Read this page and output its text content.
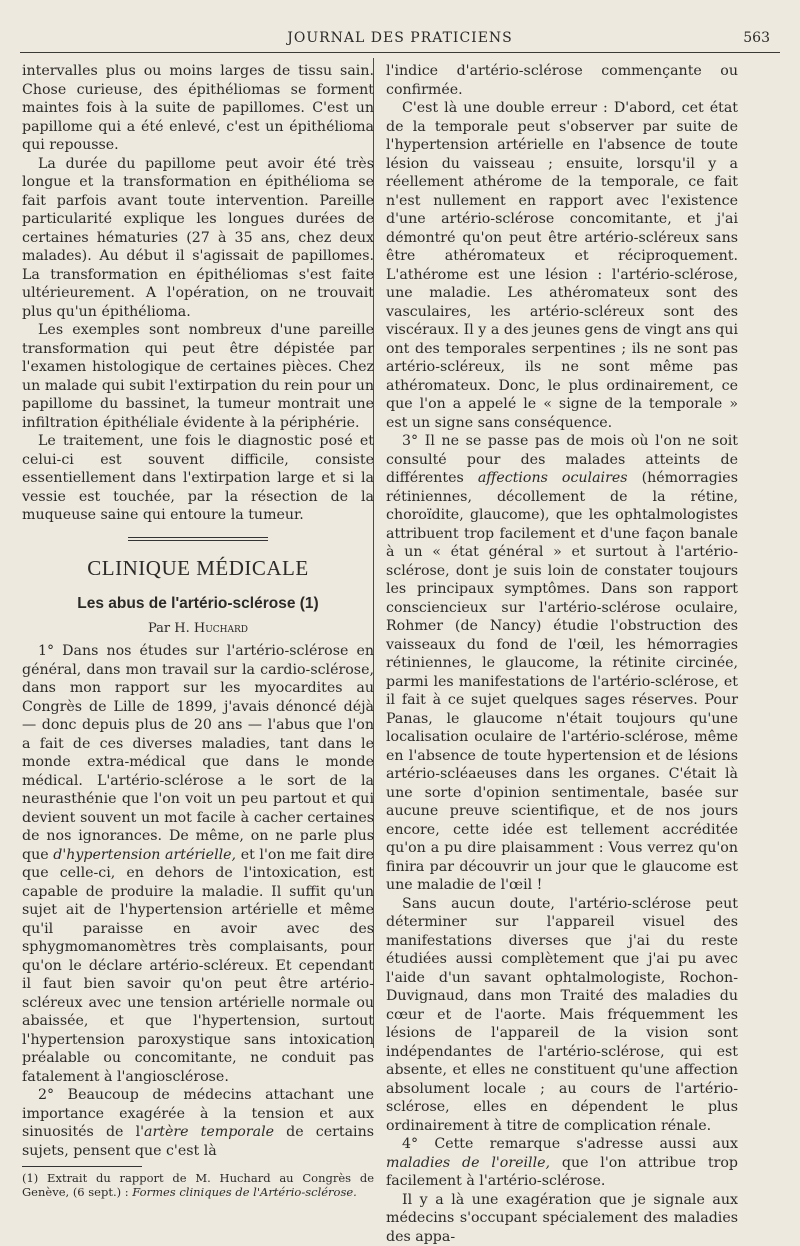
JOURNAL DES PRATICIENS	563

intervalles plus ou moins larges de tissu sain. Chose curieuse, des épithéliomas se forment maintes fois à la suite de papillomes. C'est un papillome qui a été enlevé, c'est un épithélioma qui repousse.

La durée du papillome peut avoir été très longue et la transformation en épithélioma se fait parfois avant toute intervention. Pareille particularité explique les longues durées de certaines hématuries (27 à 35 ans, chez deux malades). Au début il s'agissait de papillomes. La transformation en épithéliomas s'est faite ultérieurement. A l'opération, on ne trouvait plus qu'un épithélioma.

Les exemples sont nombreux d'une pareille transformation qui peut être dépistée par l'examen histologique de certaines pièces. Chez un malade qui subit l'extirpation du rein pour un papillome du bassinet, la tumeur montrait une infiltration épithéliale évidente à la périphérie.

Le traitement, une fois le diagnostic posé et celui-ci est souvent difficile, consiste essentiellement dans l'extirpation large et si la vessie est touchée, par la résection de la muqueuse saine qui entoure la tumeur.

CLINIQUE MÉDICALE
Les abus de l'artério-sclérose (1)
Par H. Huchard

1° Dans nos études sur l'artério-sclérose en général, dans mon travail sur la cardio-sclérose, dans mon rapport sur les myocardites au Congrès de Lille de 1899, j'avais dénoncé déjà — donc depuis plus de 20 ans — l'abus que l'on a fait de ces diverses maladies, tant dans le monde extra-médical que dans le monde médical. L'artério-sclérose a le sort de la neurasthénie que l'on voit un peu partout et qui devient souvent un mot facile à cacher certaines de nos ignorances. De même, on ne parle plus que d'hypertension artérielle, et l'on me fait dire que celle-ci, en dehors de l'intoxication, est capable de produire la maladie. Il suffit qu'un sujet ait de l'hypertension artérielle et même qu'il paraisse en avoir avec des sphygmomanomètres très complaisants, pour qu'on le déclare artério-scléreux. Et cependant il faut bien savoir qu'on peut être artério-scléreux avec une tension artérielle normale ou abaissée, et que l'hypertension, surtout l'hypertension paroxystique sans intoxication préalable ou concomitante, ne conduit pas fatalement à l'angiosclérose.

2° Beaucoup de médecins attachant une importance exagérée à la tension et aux sinuosités de l'artère temporale de certains sujets, pensent que c'est là

(1) Extrait du rapport de M. Huchard au Congrès de Genève, (6 sept.) : Formes cliniques de l'Artério-sclérose.

l'indice d'artério-sclérose commençante ou confirmée.

C'est là une double erreur : D'abord, cet état de la temporale peut s'observer par suite de l'hypertension artérielle en l'absence de toute lésion du vaisseau ; ensuite, lorsqu'il y a réellement athérome de la temporale, ce fait n'est nullement en rapport avec l'existence d'une artério-sclérose concomitante, et j'ai démontré qu'on peut être artério-scléreux sans être athéromateux et réciproquement. L'athérome est une lésion : l'artério-sclérose, une maladie. Les athéromateux sont des vasculaires, les artério-scléreux sont des viscéraux. Il y a des jeunes gens de vingt ans qui ont des temporales serpentines ; ils ne sont pas artério-scléreux, ils ne sont même pas athéromateux. Donc, le plus ordinairement, ce que l'on a appelé le « signe de la temporale » est un signe sans conséquence.

3° Il ne se passe pas de mois où l'on ne soit consulté pour des malades atteints de différentes affections oculaires (hémorragies rétiniennes, décollement de la rétine, choroïdite, glaucome), que les ophtalmologistes attribuent trop facilement et d'une façon banale à un « état général » et surtout à l'artério-sclérose, dont je suis loin de constater toujours les principaux symptômes. Dans son rapport consciencieux sur l'artério-sclérose oculaire, Rohmer (de Nancy) étudie l'obstruction des vaisseaux du fond de l'œil, les hémorragies rétiniennes, le glaucome, la rétinite circinée, parmi les manifestations de l'artério-sclérose, et il fait à ce sujet quelques sages réserves. Pour Panas, le glaucome n'était toujours qu'une localisation oculaire de l'artério-sclérose, même en l'absence de toute hypertension et de lésions artério-scléaeuses dans les organes. C'était là une sorte d'opinion sentimentale, basée sur aucune preuve scientifique, et de nos jours encore, cette idée est tellement accréditée qu'on a pu dire plaisamment : Vous verrez qu'on finira par découvrir un jour que le glaucome est une maladie de l'œil !

Sans aucun doute, l'artério-sclérose peut déterminer sur l'appareil visuel des manifestations diverses que j'ai du reste étudiées aussi complètement que j'ai pu avec l'aide d'un savant ophtalmologiste, Rochon-Duvignaud, dans mon Traité des maladies du cœur et de l'aorte. Mais fréquemment les lésions de l'appareil de la vision sont indépendantes de l'artério-sclérose, qui est absente, et elles ne constituent qu'une affection absolument locale ; au cours de l'artério-sclérose, elles en dépendent le plus ordinairement à titre de complication rénale.

4° Cette remarque s'adresse aussi aux maladies de l'oreille, que l'on attribue trop facilement à l'artério-sclérose.

Il y a là une exagération que je signale aux médecins s'occupant spécialement des maladies des appa-
